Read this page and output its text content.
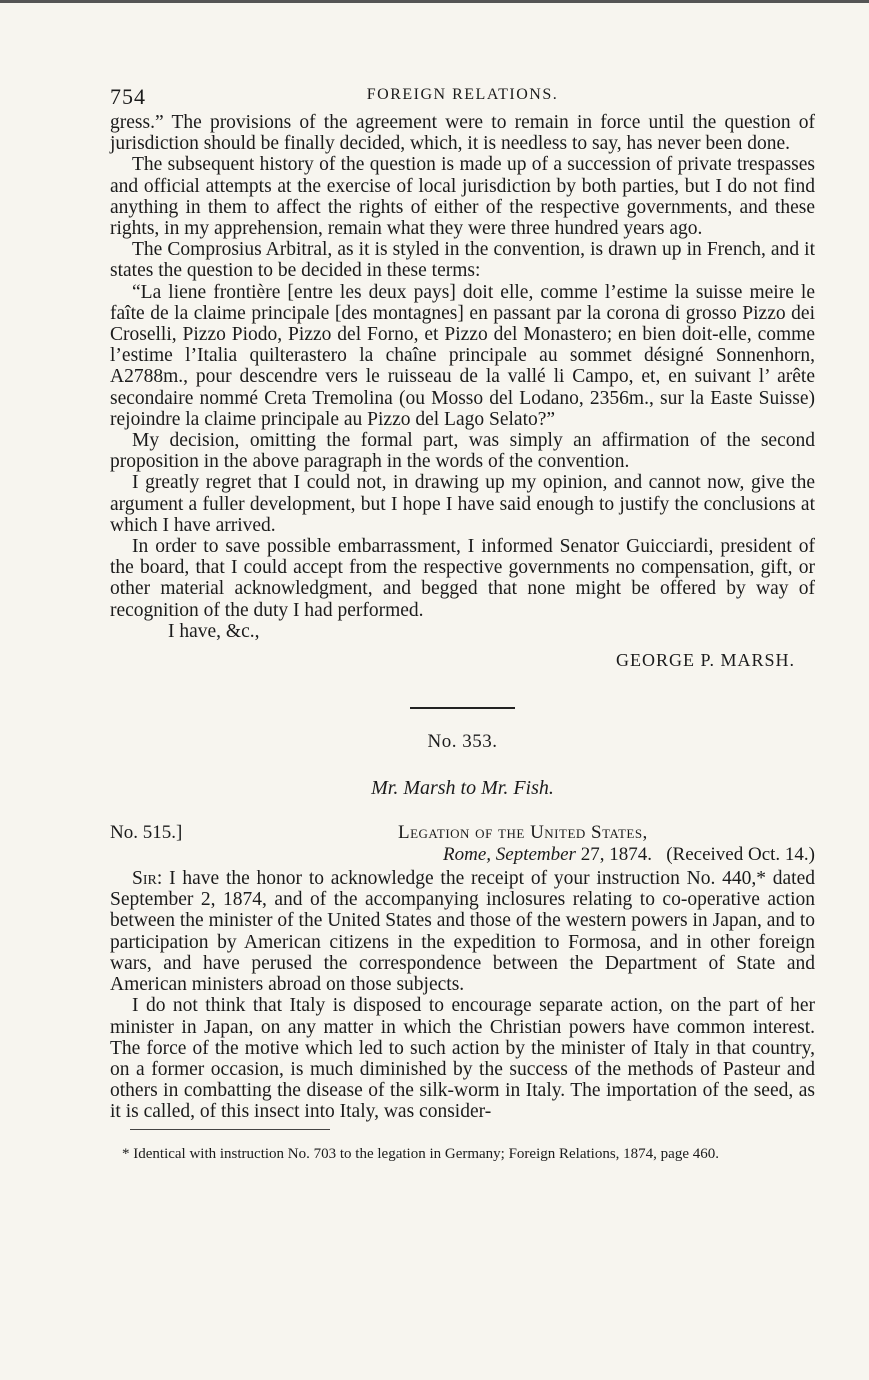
754	FOREIGN RELATIONS.

gress.” The provisions of the agreement were to remain in force until the question of jurisdiction should be finally decided, which, it is needless to say, has never been done.

The subsequent history of the question is made up of a succession of private trespasses and official attempts at the exercise of local jurisdiction by both parties, but I do not find anything in them to affect the rights of either of the respective governments, and these rights, in my apprehension, remain what they were three hundred years ago.

The Comprosius Arbitral, as it is styled in the convention, is drawn up in French, and it states the question to be decided in these terms:

“La liene frontière [entre les deux pays] doit elle, comme l’estime la suisse meire le faîte de la claime principale [des montagnes] en passant par la corona di grosso Pizzo dei Croselli, Pizzo Piodo, Pizzo del Forno, et Pizzo del Monastero; en bien doit-elle, comme l’estime l’Italia quilterastero la chaîne principale au sommet désigné Sonnenhorn, A2788m., pour descendre vers le ruisseau de la vallé li Campo, et, en suivant l’ arête secondaire nommé Creta Tremolina (ou Mosso del Lodano, 2356m., sur la Easte Suisse) rejoindre la claime principale au Pizzo del Lago Selato?”

My decision, omitting the formal part, was simply an affirmation of the second proposition in the above paragraph in the words of the convention.

I greatly regret that I could not, in drawing up my opinion, and cannot now, give the argument a fuller development, but I hope I have said enough to justify the conclusions at which I have arrived.

In order to save possible embarrassment, I informed Senator Guicciardi, president of the board, that I could accept from the respective governments no compensation, gift, or other material acknowledgment, and begged that none might be offered by way of recognition of the duty I had performed.

I have, &c.,

GEORGE P. MARSH.
No. 353.
Mr. Marsh to Mr. Fish.
No. 515.]	Legation of the United States,
Rome, September 27, 1874. (Received Oct. 14.)

Sir: I have the honor to acknowledge the receipt of your instruction No. 440,* dated September 2, 1874, and of the accompanying inclosures relating to co-operative action between the minister of the United States and those of the western powers in Japan, and to participation by American citizens in the expedition to Formosa, and in other foreign wars, and have perused the correspondence between the Department of State and American ministers abroad on those subjects.

I do not think that Italy is disposed to encourage separate action, on the part of her minister in Japan, on any matter in which the Christian powers have common interest. The force of the motive which led to such action by the minister of Italy in that country, on a former occasion, is much diminished by the success of the methods of Pasteur and others in combatting the disease of the silk-worm in Italy. The importation of the seed, as it is called, of this insect into Italy, was consider-

* Identical with instruction No. 703 to the legation in Germany; Foreign Relations, 1874, page 460.
